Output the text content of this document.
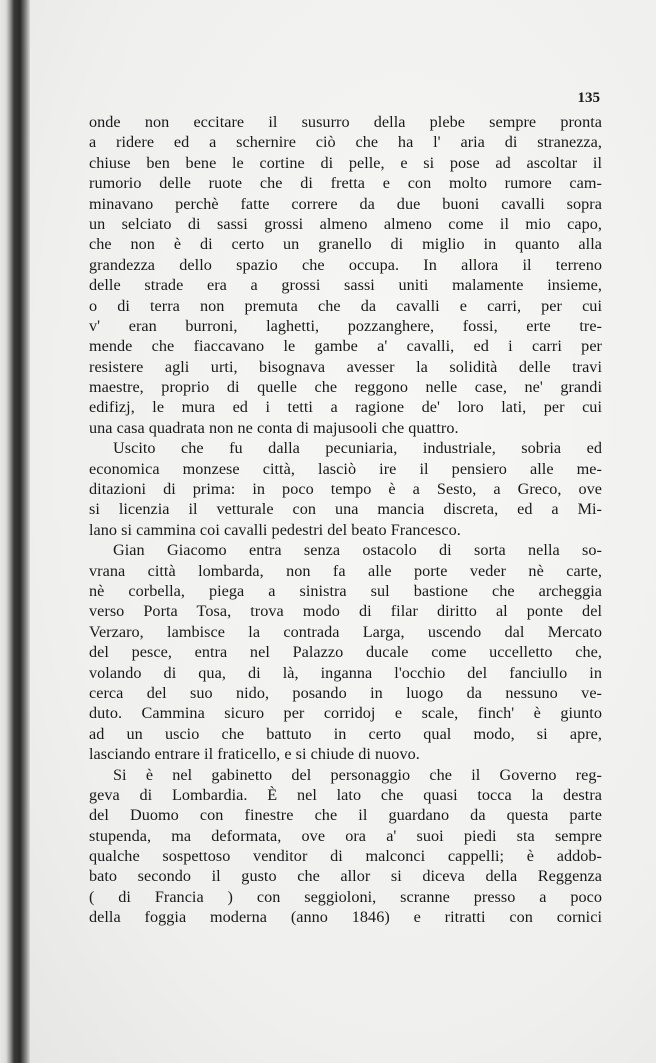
135
onde non eccitare il susurro della plebe sempre pronta
a ridere ed a schernire ciò che ha l' aria di stranezza,
chiuse ben bene le cortine di pelle, e si pose ad ascoltar il
rumorio delle ruote che di fretta e con molto rumore cam-
minavano perchè fatte correre da due buoni cavalli sopra
un selciato di sassi grossi almeno almeno come il mio capo,
che non è di certo un granello di miglio in quanto alla
grandezza dello spazio che occupa. In allora il terreno
delle strade era a grossi sassi uniti malamente insieme,
o di terra non premuta che da cavalli e carri, per cui
v' eran burroni, laghetti, pozzanghere, fossi, erte tre-
mende che fiaccavano le gambe a' cavalli, ed i carri per
resistere agli urti, bisognava avesser la solidità delle travi
maestre, proprio di quelle che reggono nelle case, ne' grandi
edifizj, le mura ed i tetti a ragione de' loro lati, per cui
una casa quadrata non ne conta di majusooli che quattro.
Uscito che fu dalla pecuniaria, industriale, sobria ed
economica monzese città, lasciò ire il pensiero alle me-
ditazioni di prima: in poco tempo è a Sesto, a Greco, ove
si licenzia il vetturale con una mancia discreta, ed a Mi-
lano si cammina coi cavalli pedestri del beato Francesco.
Gian Giacomo entra senza ostacolo di sorta nella so-
vrana città lombarda, non fa alle porte veder nè carte,
nè corbella, piega a sinistra sul bastione che archeggia
verso Porta Tosa, trova modo di filar diritto al ponte del
Verzaro, lambisce la contrada Larga, uscendo dal Mercato
del pesce, entra nel Palazzo ducale come uccelletto che,
volando di qua, di là, inganna l'occhio del fanciullo in
cerca del suo nido, posando in luogo da nessuno ve-
duto. Cammina sicuro per corridoj e scale, finch' è giunto
ad un uscio che battuto in certo qual modo, si apre,
lasciando entrare il fraticello, e si chiude di nuovo.
Si è nel gabinetto del personaggio che il Governo reg-
geva di Lombardia. È nel lato che quasi tocca la destra
del Duomo con finestre che il guardano da questa parte
stupenda, ma deformata, ove ora a' suoi piedi sta sempre
qualche sospettoso venditor di malconci cappelli; è addob-
bato secondo il gusto che allor si diceva della Reggenza
( di Francia ) con seggioloni, scranne presso a poco
della foggia moderna (anno 1846) e ritratti con cornici
